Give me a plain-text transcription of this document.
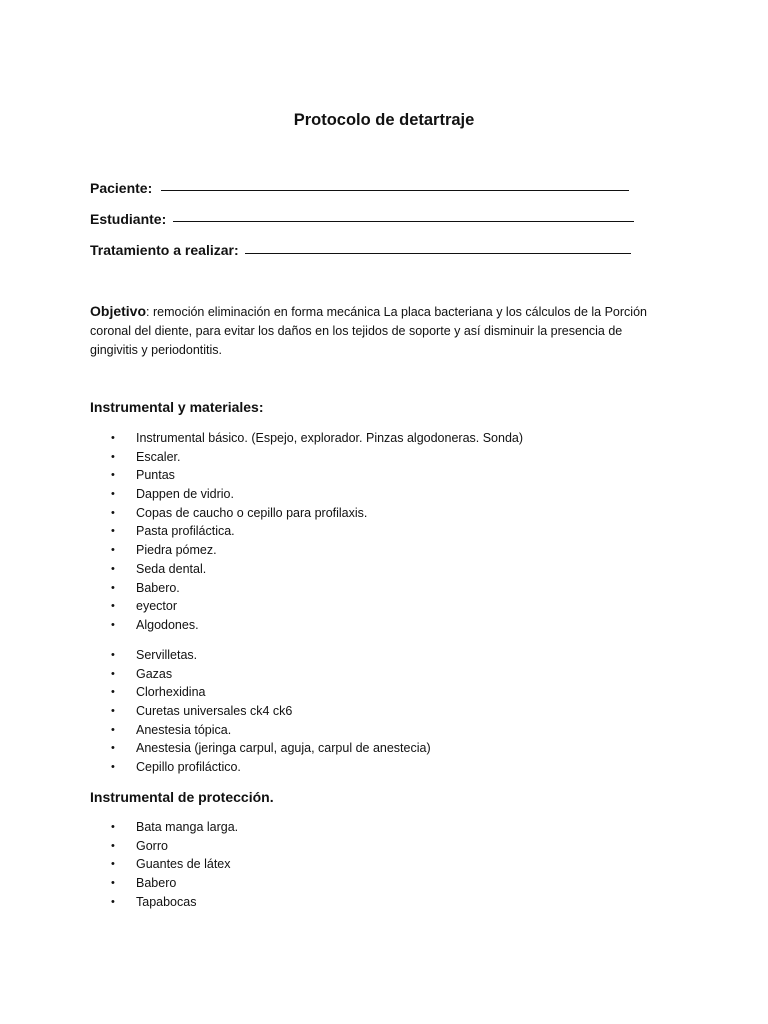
Protocolo de detartraje
Paciente:
Estudiante:
Tratamiento a realizar:
Objetivo: remoción eliminación en forma mecánica La placa bacteriana y los cálculos de la Porción coronal del diente, para evitar los daños en los tejidos de soporte y así disminuir la presencia de gingivitis y periodontitis.
Instrumental y materiales:
•	Instrumental básico. (Espejo, explorador. Pinzas algodoneras. Sonda)
•	Escaler.
•	Puntas
•	Dappen de vidrio.
•	Copas de caucho o cepillo para profilaxis.
•	Pasta profiláctica.
•	Piedra pómez.
•	Seda dental.
•	Babero.
•	eyector
•	Algodones.
•	Servilletas.
•	Gazas
•	Clorhexidina
•	Curetas universales ck4 ck6
•	Anestesia tópica.
•	Anestesia (jeringa carpul, aguja, carpul de anestecia)
•	Cepillo profiláctico.
Instrumental de protección.
•	Bata manga larga.
•	Gorro
•	Guantes de látex
•	Babero
•	Tapabocas
